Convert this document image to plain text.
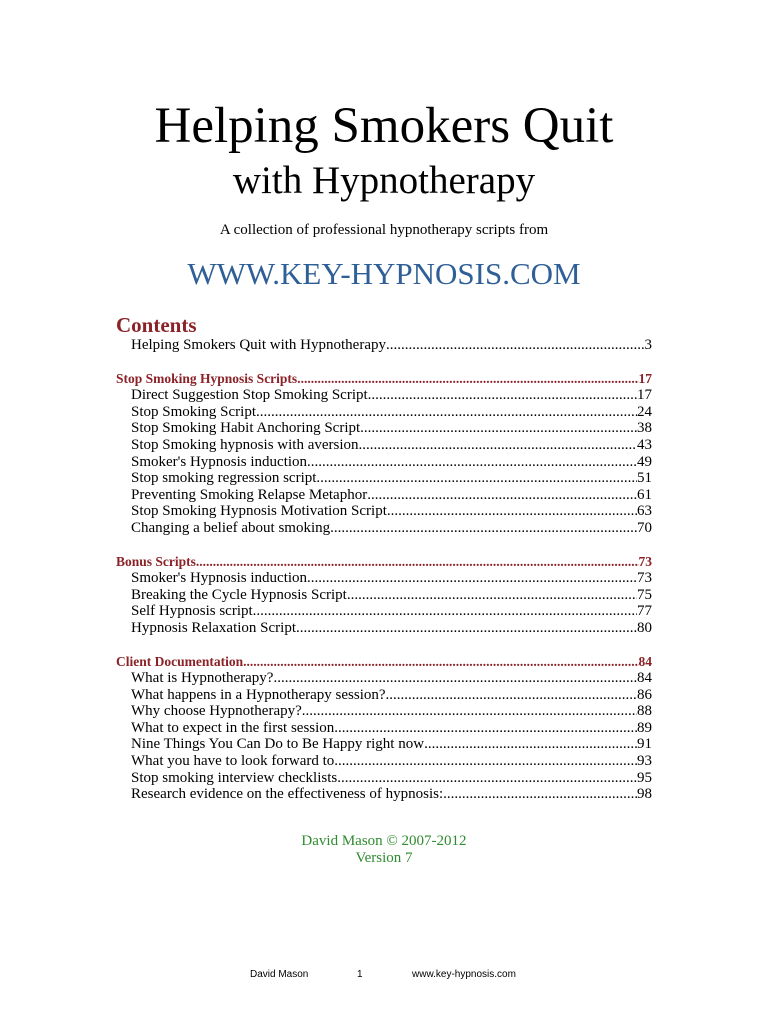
Helping Smokers Quit
with Hypnotherapy
A collection of professional hypnotherapy scripts from
WWW.KEY-HYPNOSIS.COM
Contents
Helping Smokers Quit with Hypnotherapy .....	3
Stop Smoking Hypnosis Scripts .....	17
Direct Suggestion Stop Smoking Script .....	17
Stop Smoking Script .....	24
Stop Smoking Habit Anchoring Script .....	38
Stop Smoking hypnosis with aversion .....	43
Smoker's Hypnosis induction .....	49
Stop smoking regression script .....	51
Preventing Smoking Relapse Metaphor .....	61
Stop Smoking Hypnosis Motivation Script .....	63
Changing a belief about smoking .....	70
Bonus Scripts .....	73
Smoker's Hypnosis induction .....	73
Breaking the Cycle Hypnosis Script .....	75
Self Hypnosis script .....	77
Hypnosis Relaxation Script .....	80
Client Documentation .....	84
What is Hypnotherapy? .....	84
What happens in a Hypnotherapy session? .....	86
Why choose Hypnotherapy? .....	88
What to expect in the first session .....	89
Nine Things You Can Do to Be Happy right now .....	91
What you have to look forward to... .....	93
Stop smoking interview checklists .....	95
Research evidence on the effectiveness of hypnosis: .....	98
David Mason © 2007-2012
Version 7
David Mason	1	www.key-hypnosis.com
